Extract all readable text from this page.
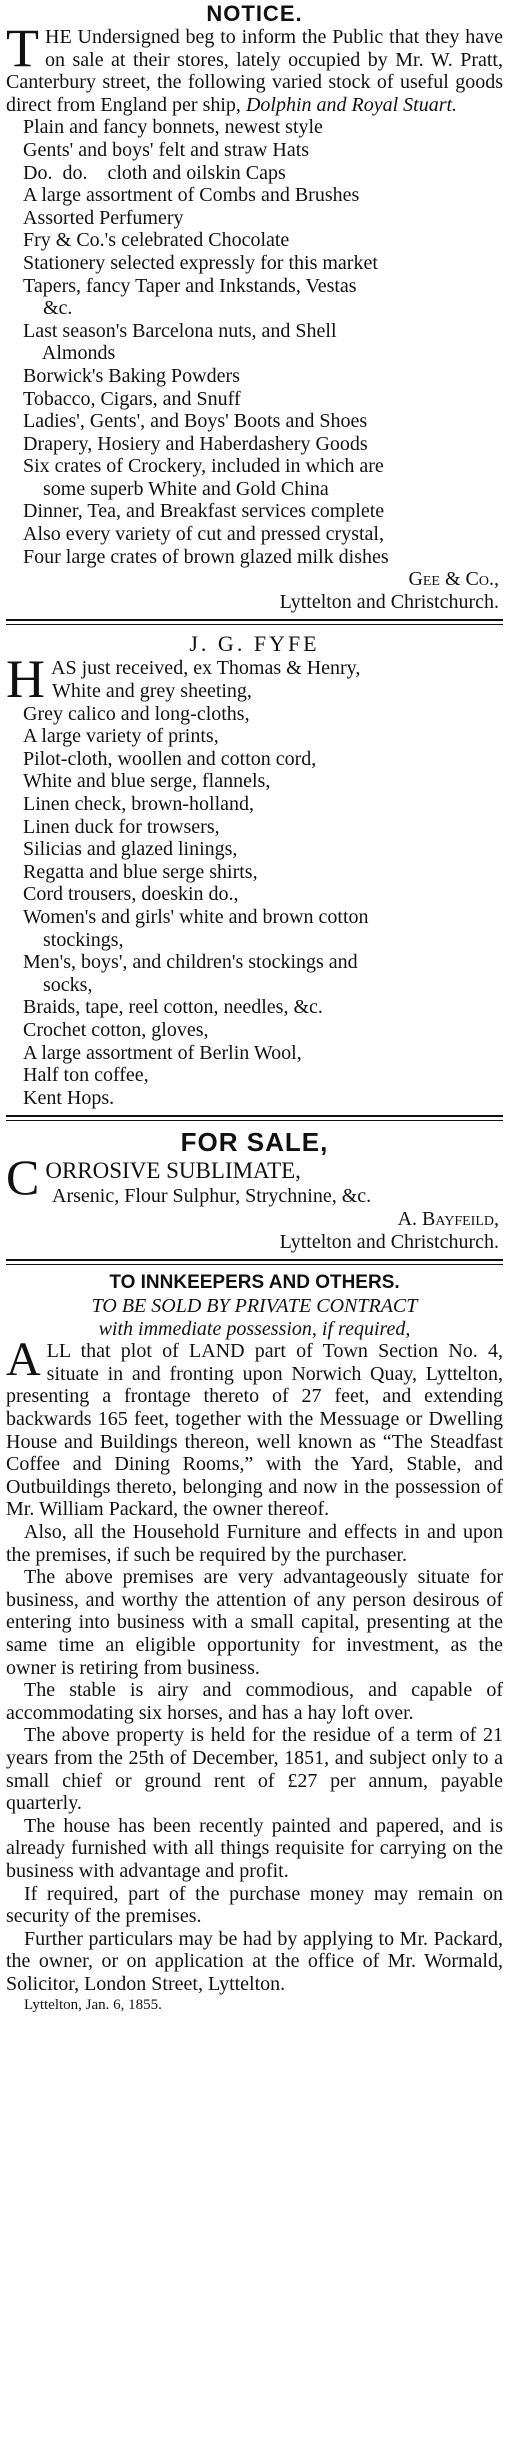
NOTICE.

THE Undersigned beg to inform the Public that they have on sale at their stores, lately occupied by Mr. W. Pratt, Canterbury street, the following varied stock of useful goods direct from England per ship, Dolphin and Royal Stuart.

Plain and fancy bonnets, newest style
Gents' and boys' felt and straw Hats
Do.  do.    cloth and oilskin Caps
A large assortment of Combs and Brushes
Assorted Perfumery
Fry & Co.'s celebrated Chocolate
Stationery selected expressly for this market
Tapers, fancy Taper and Inkstands, Vestas
&c.
Last season's Barcelona nuts, and Shell
Almonds
Borwick's Baking Powders
Tobacco, Cigars, and Snuff
Ladies', Gents', and Boys' Boots and Shoes
Drapery, Hosiery and Haberdashery Goods
Six crates of Crockery, included in which are
some superb White and Gold China
Dinner, Tea, and Breakfast services complete
Also every variety of cut and pressed crystal,
Four large crates of brown glazed milk dishes
Gee & Co.,
Lyttelton and Christchurch.
J. G. FYFE
HAS just received, ex Thomas & Henry,
White and grey sheeting,
Grey calico and long-cloths,
A large variety of prints,
Pilot-cloth, woollen and cotton cord,
White and blue serge, flannels,
Linen check, brown-holland,
Linen duck for trowsers,
Silicias and glazed linings,
Regatta and blue serge shirts,
Cord trousers, doeskin do.,
Women's and girls' white and brown cotton
stockings,
Men's, boys', and children's stockings and
socks,
Braids, tape, reel cotton, needles, &c.
Crochet cotton, gloves,
A large assortment of Berlin Wool,
Half ton coffee,
Kent Hops.
FOR SALE,
CORROSIVE SUBLIMATE,
Arsenic, Flour Sulphur, Strychnine, &c.
A. Bayfeild,
Lyttelton and Christchurch.
TO INNKEEPERS AND OTHERS.
TO BE SOLD BY PRIVATE CONTRACT
with immediate possession, if required,

ALL that plot of LAND part of Town Section No. 4, situate in and fronting upon Norwich Quay, Lyttelton, presenting a frontage thereto of 27 feet, and extending backwards 165 feet, together with the Messuage or Dwelling House and Buildings thereon, well known as “The Steadfast Coffee and Dining Rooms,” with the Yard, Stable, and Outbuildings thereto, belonging and now in the possession of Mr. William Packard, the owner thereof.

Also, all the Household Furniture and effects in and upon the premises, if such be required by the purchaser.

The above premises are very advantageously situate for business, and worthy the attention of any person desirous of entering into business with a small capital, presenting at the same time an eligible opportunity for investment, as the owner is retiring from business.

The stable is airy and commodious, and capable of accommodating six horses, and has a hay loft over.

The above property is held for the residue of a term of 21 years from the 25th of December, 1851, and subject only to a small chief or ground rent of £27 per annum, payable quarterly.

The house has been recently painted and papered, and is already furnished with all things requisite for carrying on the business with advantage and profit.

If required, part of the purchase money may remain on security of the premises.

Further particulars may be had by applying to Mr. Packard, the owner, or on application at the office of Mr. Wormald, Solicitor, London Street, Lyttelton.

Lyttelton, Jan. 6, 1855.
